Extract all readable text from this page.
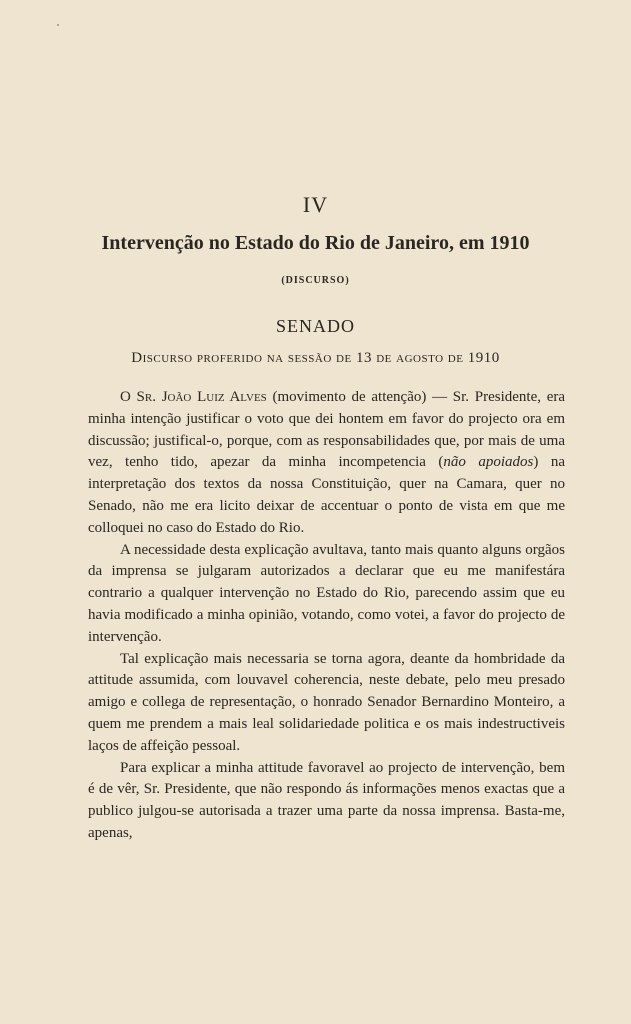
IV
Intervenção no Estado do Rio de Janeiro, em 1910
(DISCURSO)
SENADO
Discurso proferido na sessão de 13 de agosto de 1910

O Sr. João Luiz Alves (movimento de attenção) — Sr. Presidente, era minha intenção justificar o voto que dei hontem em favor do projecto ora em discussão; justifical-o, porque, com as responsabilidades que, por mais de uma vez, tenho tido, apezar da minha incompetencia (não apoiados) na interpretação dos textos da nossa Constituição, quer na Camara, quer no Senado, não me era licito deixar de accentuar o ponto de vista em que me colloquei no caso do Estado do Rio.

A necessidade desta explicação avultava, tanto mais quanto alguns orgãos da imprensa se julgaram autorizados a declarar que eu me manifestára contrario a qualquer intervenção no Estado do Rio, parecendo assim que eu havia modificado a minha opinião, votando, como votei, a favor do projecto de intervenção.

Tal explicação mais necessaria se torna agora, deante da hombridade da attitude assumida, com louvavel coherencia, neste debate, pelo meu presado amigo e collega de representação, o honrado Senador Bernardino Monteiro, a quem me prendem a mais leal solidariedade politica e os mais indestructiveis laços de affeição pessoal.

Para explicar a minha attitude favoravel ao projecto de intervenção, bem é de vêr, Sr. Presidente, que não respondo ás informações menos exactas que a publico julgou-se autorisada a trazer uma parte da nossa imprensa. Basta-me, apenas,
